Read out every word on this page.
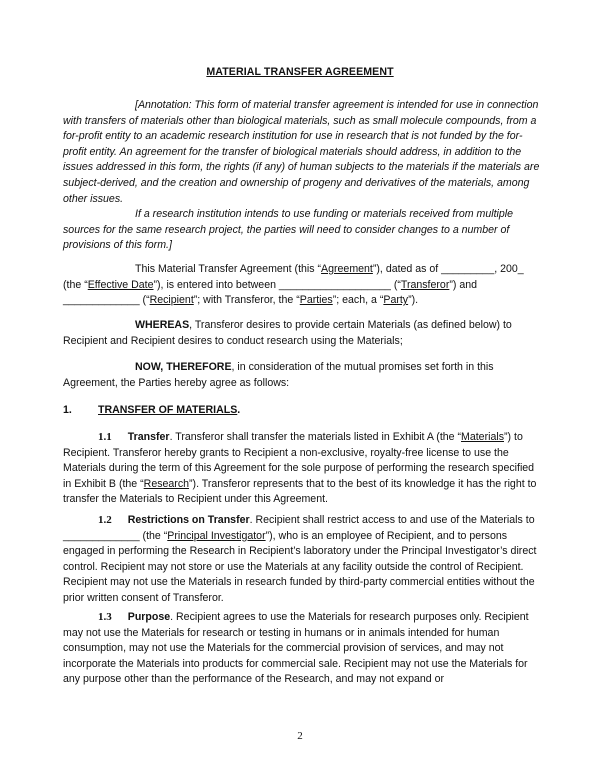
MATERIAL TRANSFER AGREEMENT
[Annotation: This form of material transfer agreement is intended for use in connection with transfers of materials other than biological materials, such as small molecule compounds, from a for-profit entity to an academic research institution for use in research that is not funded by the for-profit entity. An agreement for the transfer of biological materials should address, in addition to the issues addressed in this form, the rights (if any) of human subjects to the materials if the materials are subject-derived, and the creation and ownership of progeny and derivatives of the materials, among other issues.
If a research institution intends to use funding or materials received from multiple sources for the same research project, the parties will need to consider changes to a number of provisions of this form.]
This Material Transfer Agreement (this “Agreement”), dated as of _________, 200_ (the “Effective Date”), is entered into between ___________________ (“Transferor”) and _____________ (“Recipient”; with Transferor, the “Parties”; each, a “Party”).
WHEREAS, Transferor desires to provide certain Materials (as defined below) to Recipient and Recipient desires to conduct research using the Materials;
NOW, THEREFORE, in consideration of the mutual promises set forth in this Agreement, the Parties hereby agree as follows:
1. TRANSFER OF MATERIALS.
1.1 Transfer. Transferor shall transfer the materials listed in Exhibit A (the “Materials”) to Recipient. Transferor hereby grants to Recipient a non-exclusive, royalty-free license to use the Materials during the term of this Agreement for the sole purpose of performing the research specified in Exhibit B (the “Research”). Transferor represents that to the best of its knowledge it has the right to transfer the Materials to Recipient under this Agreement.
1.2 Restrictions on Transfer. Recipient shall restrict access to and use of the Materials to _____________ (the “Principal Investigator”), who is an employee of Recipient, and to persons engaged in performing the Research in Recipient’s laboratory under the Principal Investigator’s direct control. Recipient may not store or use the Materials at any facility outside the control of Recipient. Recipient may not use the Materials in research funded by third-party commercial entities without the prior written consent of Transferor.
1.3 Purpose. Recipient agrees to use the Materials for research purposes only. Recipient may not use the Materials for research or testing in humans or in animals intended for human consumption, may not use the Materials for the commercial provision of services, and may not incorporate the Materials into products for commercial sale. Recipient may not use the Materials for any purpose other than the performance of the Research, and may not expand or
2
